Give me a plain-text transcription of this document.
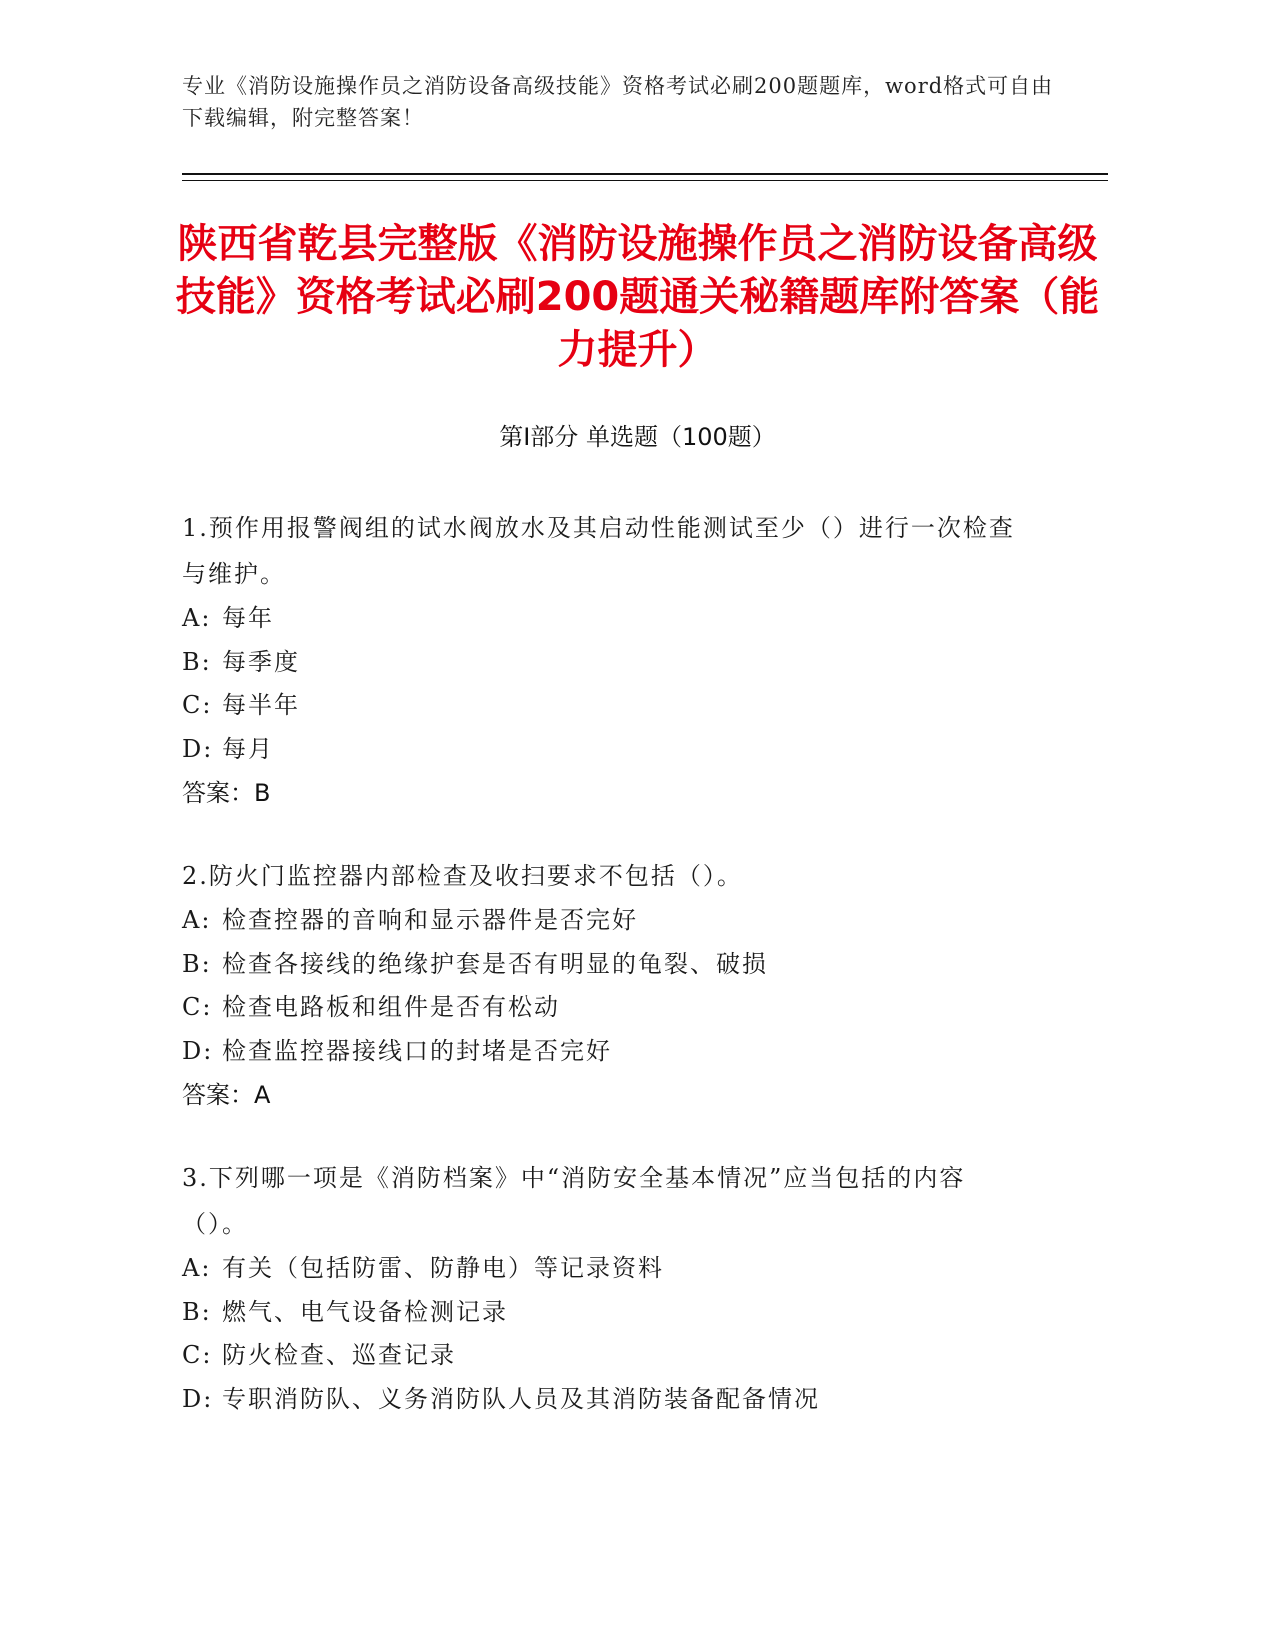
专业《消防设施操作员之消防设备高级技能》资格考试必刷200题题库，word格式可自由下载编辑，附完整答案！
陕西省乾县完整版《消防设施操作员之消防设备高级技能》资格考试必刷200题通关秘籍题库附答案（能力提升）
第Ⅰ部分 单选题（100题）

1.预作用报警阀组的试水阀放水及其启动性能测试至少（）进行一次检查与维护。

A: 每年

B: 每季度

C: 每半年

D: 每月

答案：B

2.防火门监控器内部检查及收扫要求不包括（）。

A: 检查控器的音响和显示器件是否完好

B: 检查各接线的绝缘护套是否有明显的龟裂、破损

C: 检查电路板和组件是否有松动

D: 检查监控器接线口的封堵是否完好

答案：A

3.下列哪一项是《消防档案》中“消防安全基本情况”应当包括的内容（）。

A: 有关（包括防雷、防静电）等记录资料

B: 燃气、电气设备检测记录

C: 防火检查、巡查记录

D: 专职消防队、义务消防队人员及其消防装备配备情况
